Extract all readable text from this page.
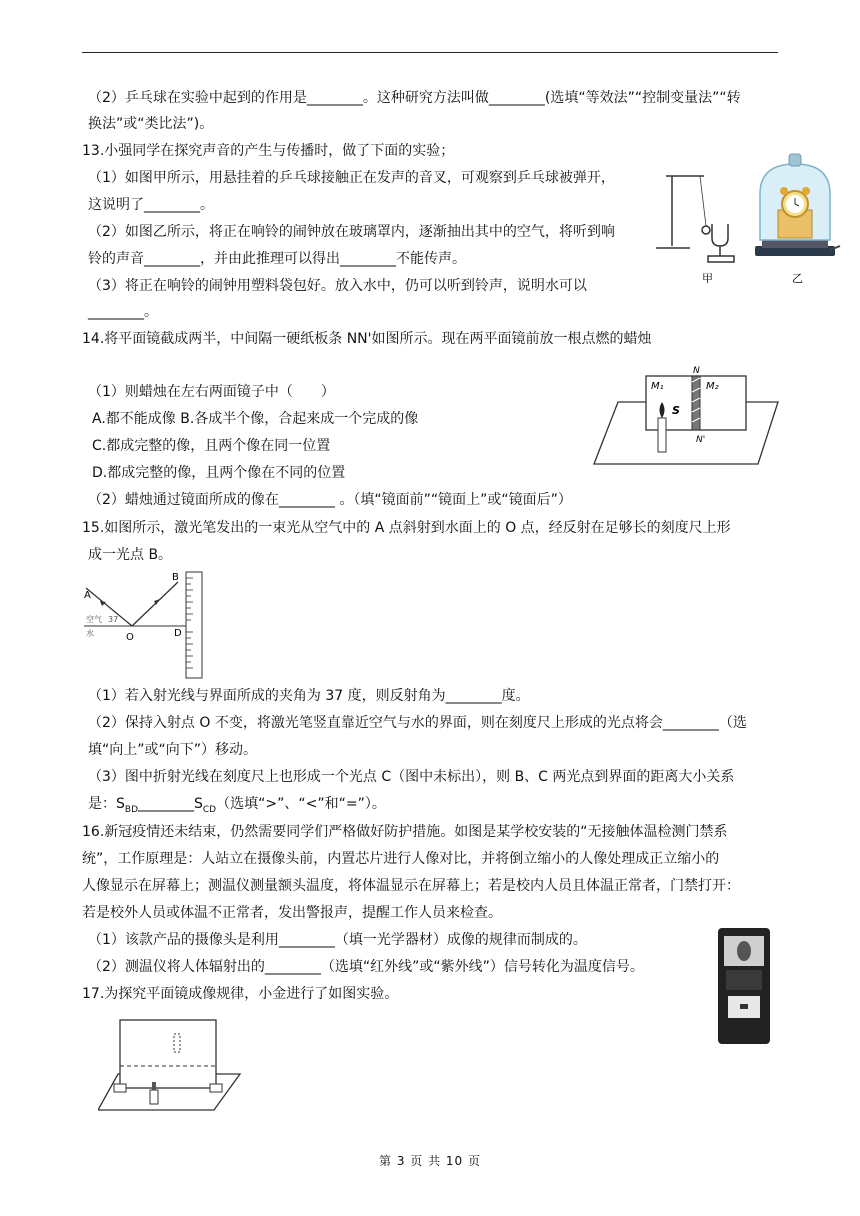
（2）乒乓球在实验中起到的作用是________。这种研究方法叫做________(选填“等效法”“控制变量法”“转
换法”或“类比法”)。
13.小强同学在探究声音的产生与传播时，做了下面的实验；
（1）如图甲所示，用悬挂着的乒乓球接触正在发声的音叉，可观察到乒乓球被弹开，
这说明了________。
（2）如图乙所示，将正在响铃的闹钟放在玻璃罩内，逐渐抽出其中的空气，将听到响
铃的声音________，并由此推理可以得出________不能传声。
（3）将正在响铃的闹钟用塑料袋包好。放入水中，仍可以听到铃声，说明水可以
________。
14.将平面镜截成两半，中间隔一硬纸板条 NN'如图所示。现在两平面镜前放一根点燃的蜡烛
（1）则蜡烛在左右两面镜子中（　　）
A.都不能成像 B.各成半个像，合起来成一个完成的像
C.都成完整的像，且两个像在同一位置
D.都成完整的像，且两个像在不同的位置
（2）蜡烛通过镜面所成的像在________ 。（填“镜面前”“镜面上”或“镜面后”）
15.如图所示，激光笔发出的一束光从空气中的 A 点斜射到水面上的 O 点，经反射在足够长的刻度尺上形
成一光点 B。
（1）若入射光线与界面所成的夹角为 37 度，则反射角为________度。
（2）保持入射点 O 不变，将激光笔竖直靠近空气与水的界面，则在刻度尺上形成的光点将会________（选
填“向上”或“向下”）移动。
（3）图中折射光线在刻度尺上也形成一个光点 C（图中未标出），则 B、C 两光点到界面的距离大小关系
是：$S_{BD}\_\_\_\_\_\_\_\_S_{CD}$（选填“>”、“<”和“=”）。
16.新冠疫情还未结束，仍然需要同学们严格做好防护措施。如图是某学校安装的“无接触体温检测门禁系
统”，工作原理是：人站立在摄像头前，内置芯片进行人像对比，并将倒立缩小的人像处理成正立缩小的
人像显示在屏幕上；测温仪测量额头温度，将体温显示在屏幕上；若是校内人员且体温正常者，门禁打开：
若是校外人员或体温不正常者，发出警报声，提醒工作人员来检查。
（1）该款产品的摄像头是利用________（填一光学器材）成像的规律而制成的。
（2）测温仪将人体辐射出的________（选填“红外线”或“紫外线”）信号转化为温度信号。
17.为探究平面镜成像规律，小金进行了如图实验。
甲	乙
M₁	M₂
N
N'
S
A
B
O	D
空气 37
水
第 3 页 共 10 页
